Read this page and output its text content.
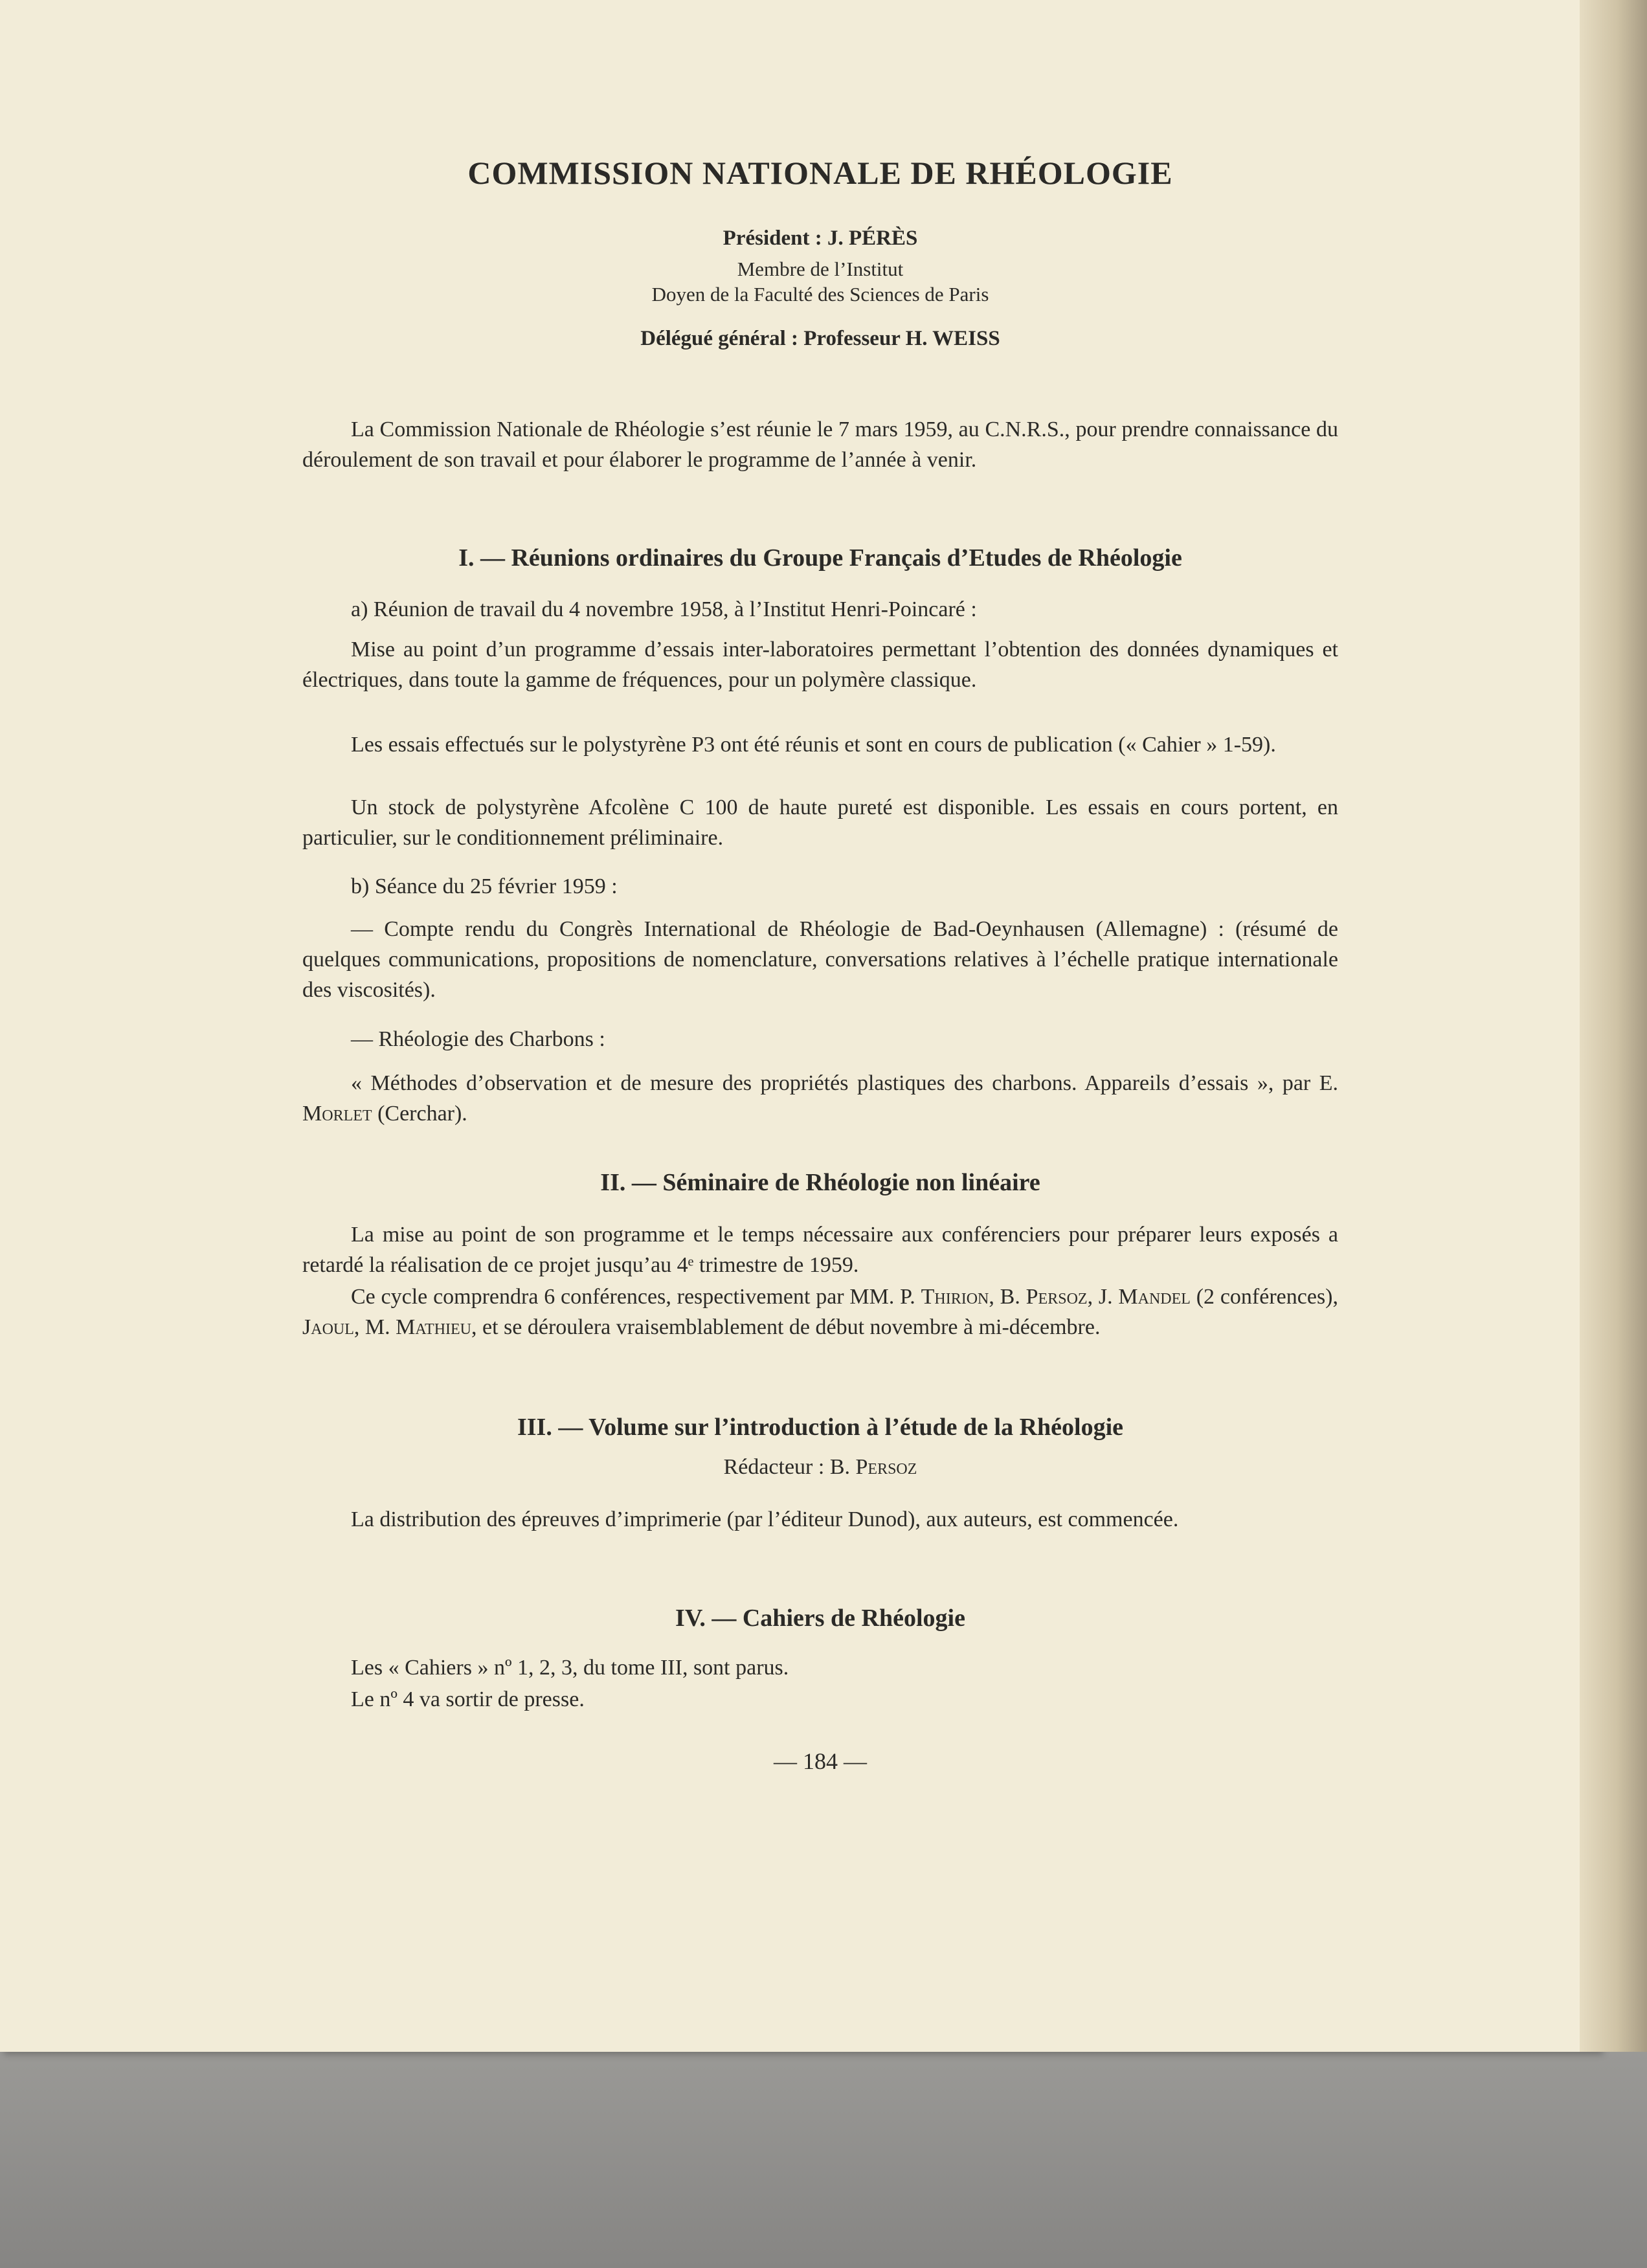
COMMISSION NATIONALE DE RHÉOLOGIE
Président : J. PÉRÈS
Membre de l’Institut
Doyen de la Faculté des Sciences de Paris
Délégué général : Professeur H. WEISS
La Commission Nationale de Rhéologie s’est réunie le 7 mars 1959, au C.N.R.S., pour prendre connaissance du déroulement de son travail et pour élaborer le programme de l’année à venir.
I. — Réunions ordinaires du Groupe Français d’Etudes de Rhéologie
a) Réunion de travail du 4 novembre 1958, à l’Institut Henri-Poincaré :
Mise au point d’un programme d’essais inter-laboratoires permettant l’obtention des données dynamiques et électriques, dans toute la gamme de fréquences, pour un polymère classique.
Les essais effectués sur le polystyrène P3 ont été réunis et sont en cours de publication (« Cahier » 1-59).
Un stock de polystyrène Afcolène C 100 de haute pureté est disponible. Les essais en cours portent, en particulier, sur le conditionnement préliminaire.
b) Séance du 25 février 1959 :
— Compte rendu du Congrès International de Rhéologie de Bad-Oeynhausen (Allemagne) : (résumé de quelques communications, propositions de nomenclature, conversations relatives à l’échelle pratique internationale des viscosités).
— Rhéologie des Charbons :
« Méthodes d’observation et de mesure des propriétés plastiques des charbons. Appareils d’essais », par E. Morlet (Cerchar).
II. — Séminaire de Rhéologie non linéaire
La mise au point de son programme et le temps nécessaire aux conférenciers pour préparer leurs exposés a retardé la réalisation de ce projet jusqu’au 4ᵉ trimestre de 1959.
Ce cycle comprendra 6 conférences, respectivement par MM. P. Thirion, B. Persoz, J. Mandel (2 conférences), Jaoul, M. Mathieu, et se déroulera vraisemblablement de début novembre à mi-décembre.
III. — Volume sur l’introduction à l’étude de la Rhéologie
Rédacteur : B. Persoz
La distribution des épreuves d’imprimerie (par l’éditeur Dunod), aux auteurs, est commencée.
IV. — Cahiers de Rhéologie
Les « Cahiers » nº 1, 2, 3, du tome III, sont parus.
Le nº 4 va sortir de presse.
— 184 —
